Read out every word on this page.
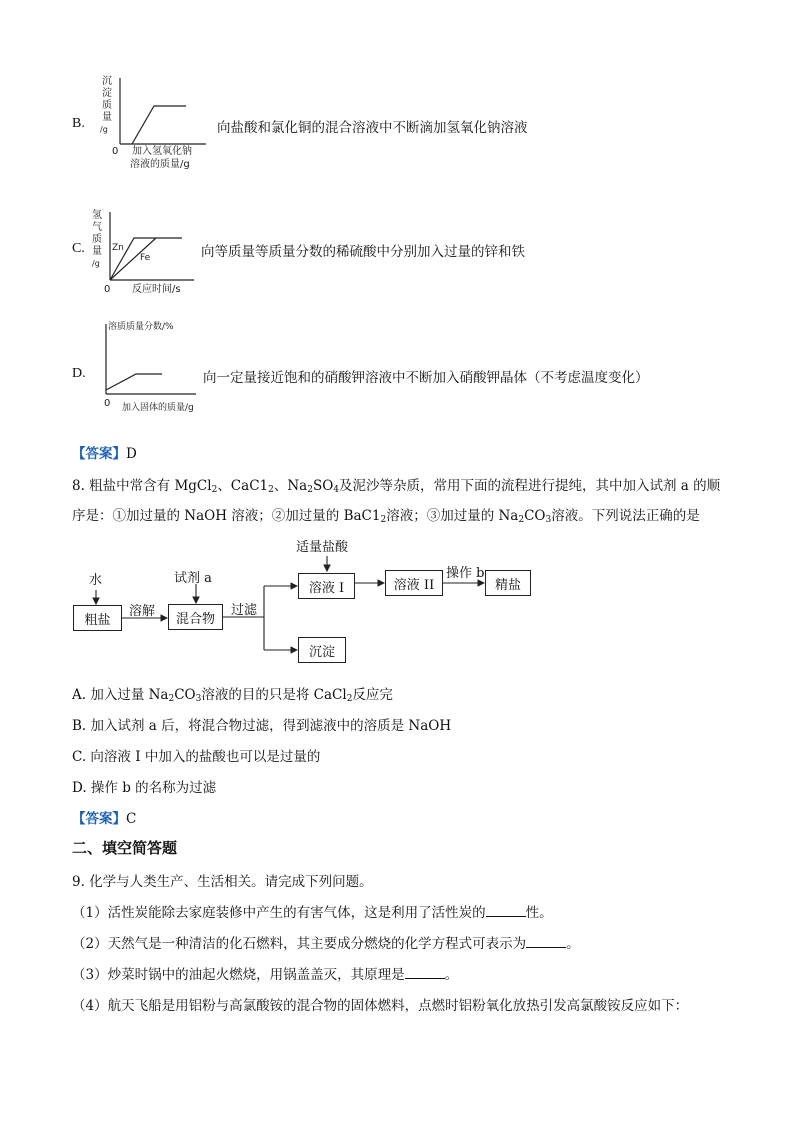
B.
沉
淀
质
量
/g
0 加入氢氧化钠
溶液的质量/g
向盐酸和氯化铜的混合溶液中不断滴加氢氧化钠溶液
C.
氢
气
质
量
/g
0 反应时间/s
Zn
Fe	向等质量等质量分数的稀硫酸中分别加入过量的锌和铁
D.
溶质质量分数/%
0 加入固体的质量/g
向一定量接近饱和的硝酸钾溶液中不断加入硝酸钾晶体（不考虑温度变化）
【答案】D
8. 粗盐中常含有 MgCl$_2$、$CaC1_2$、$Na_2SO_4$及泥沙等杂质，常用下面的流程进行提纯，其中加入试剂 a 的顺
序是：①加过量的 NaOH 溶液；②加过量的 $BaC1_2$溶液；③加过量的 $Na_2CO_3$溶液。下列说法正确的是
水	试剂 a
适量盐酸
溶解	过滤
操作 b
粗盐	混合物
溶液 I	溶液 II	精盐
沉淀
A. 加入过量 $Na_2CO_3$溶液的目的只是将 CaCl$_2$反应完
B. 加入试剂 a 后，将混合物过滤，得到滤液中的溶质是 NaOH
C. 向溶液 I 中加入的盐酸也可以是过量的
D. 操作 b 的名称为过滤
【答案】C
二、填空简答题
9. 化学与人类生产、生活相关。请完成下列问题。
（1）活性炭能除去家庭装修中产生的有害气体，这是利用了活性炭的	性。
（2）天然气是一种清洁的化石燃料，其主要成分燃烧的化学方程式可表示为	。
（3）炒菜时锅中的油起火燃烧，用锅盖盖灭，其原理是	。
（4）航天飞船是用铝粉与高氯酸铵的混合物的固体燃料，点燃时铝粉氧化放热引发高氯酸铵反应如下：
